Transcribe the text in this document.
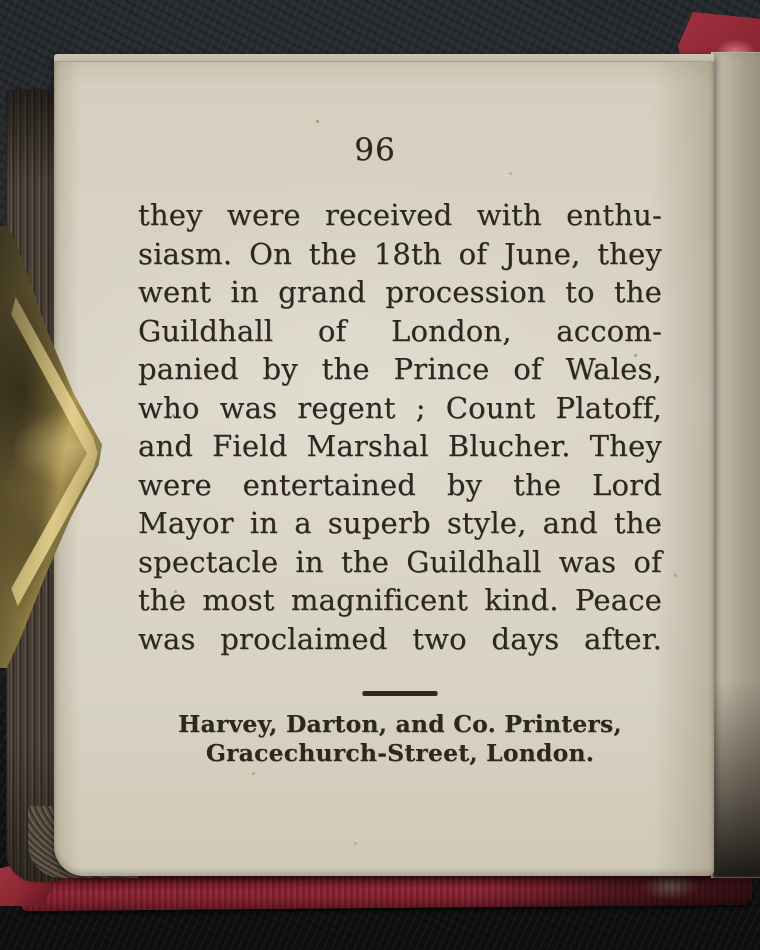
96
they were received with enthu-
siasm. On the 18th of June, they
went in grand procession to the
Guildhall of London, accom-
panied by the Prince of Wales,
who was regent ; Count Platoff,
and Field Marshal Blucher. They
were entertained by the Lord
Mayor in a superb style, and the
spectacle in the Guildhall was of
the most magnificent kind. Peace
was proclaimed two days after.
Harvey, Darton, and Co. Printers,
Gracechurch-Street, London.
